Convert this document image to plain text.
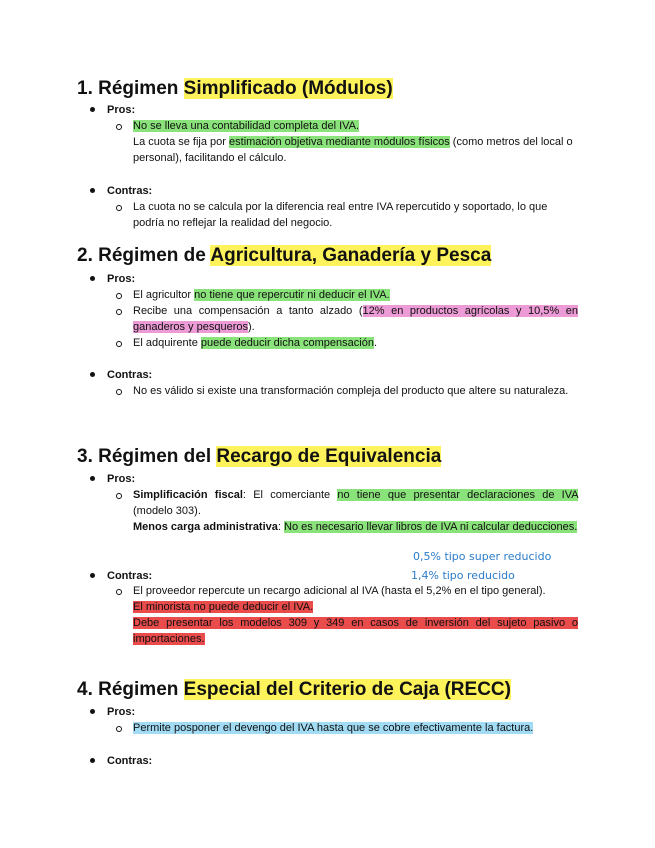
1. Régimen Simplificado (Módulos)
Pros:
No se lleva una contabilidad completa del IVA.
La cuota se fija por estimación objetiva mediante módulos físicos (como metros del local o personal), facilitando el cálculo.
Contras:
La cuota no se calcula por la diferencia real entre IVA repercutido y soportado, lo que podría no reflejar la realidad del negocio.
2. Régimen de Agricultura, Ganadería y Pesca
Pros:
El agricultor no tiene que repercutir ni deducir el IVA.
Recibe una compensación a tanto alzado (12% en productos agrícolas y 10,5% en ganaderos y pesqueros).
El adquirente puede deducir dicha compensación.
Contras:
No es válido si existe una transformación compleja del producto que altere su naturaleza.
3. Régimen del Recargo de Equivalencia
Pros:
Simplificación fiscal: El comerciante no tiene que presentar declaraciones de IVA (modelo 303).
Menos carga administrativa: No es necesario llevar libros de IVA ni calcular deducciones.
0,5% tipo super reducido
1,4% tipo reducido
Contras:
El proveedor repercute un recargo adicional al IVA (hasta el 5,2% en el tipo general).
El minorista no puede deducir el IVA.
Debe presentar los modelos 309 y 349 en casos de inversión del sujeto pasivo o importaciones.
4. Régimen Especial del Criterio de Caja (RECC)
Pros:
Permite posponer el devengo del IVA hasta que se cobre efectivamente la factura.
Contras:
